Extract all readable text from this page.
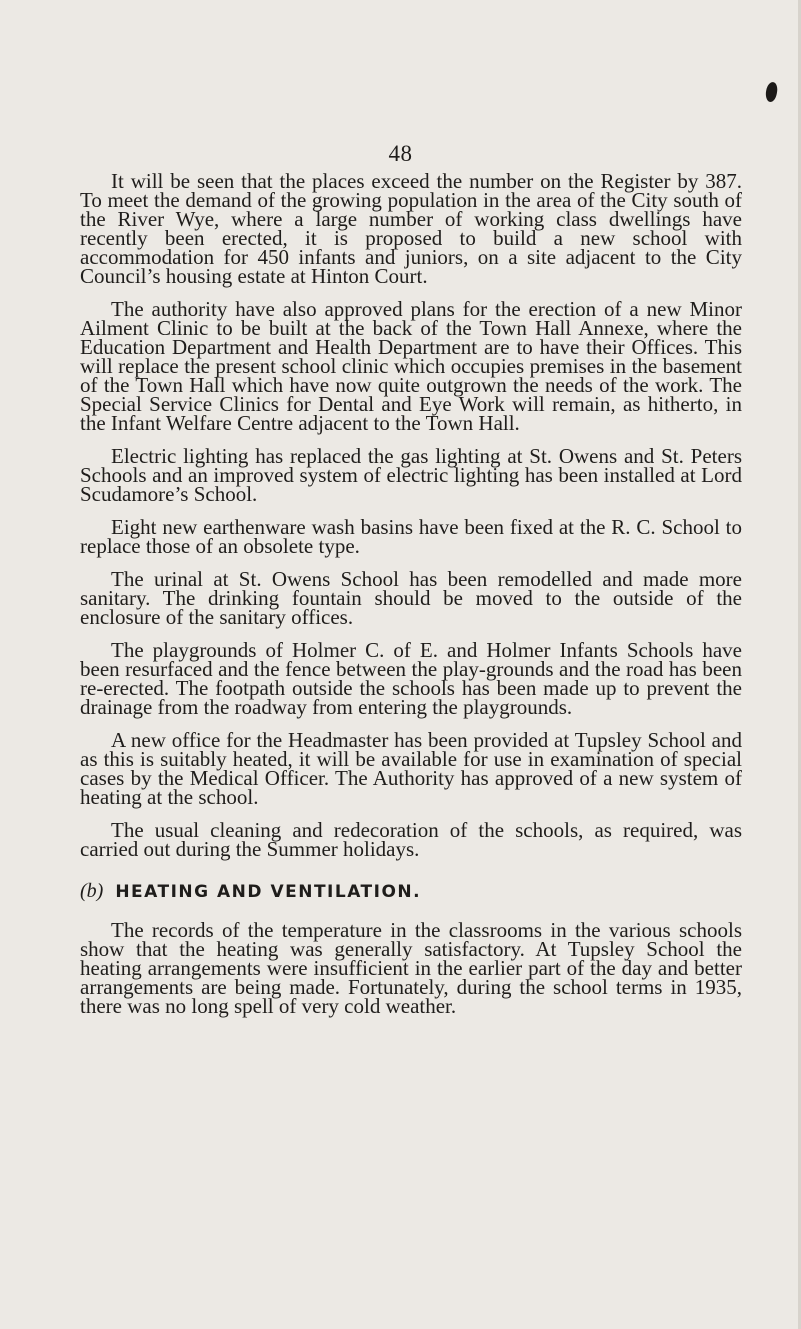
48

It will be seen that the places exceed the number on the Register by 387. To meet the demand of the growing population in the area of the City south of the River Wye, where a large number of working class dwellings have recently been erected, it is proposed to build a new school with accommodation for 450 infants and juniors, on a site adjacent to the City Council’s housing estate at Hinton Court.

The authority have also approved plans for the erection of a new Minor Ailment Clinic to be built at the back of the Town Hall Annexe, where the Education Department and Health Department are to have their Offices. This will replace the present school clinic which occupies premises in the basement of the Town Hall which have now quite outgrown the needs of the work. The Special Service Clinics for Dental and Eye Work will remain, as hitherto, in the Infant Welfare Centre adjacent to the Town Hall.

Electric lighting has replaced the gas lighting at St. Owens and St. Peters Schools and an improved system of electric lighting has been installed at Lord Scudamore’s School.

Eight new earthenware wash basins have been fixed at the R. C. School to replace those of an obsolete type.

The urinal at St. Owens School has been remodelled and made more sanitary. The drinking fountain should be moved to the outside of the enclosure of the sanitary offices.

The playgrounds of Holmer C. of E. and Holmer Infants Schools have been resurfaced and the fence between the play-grounds and the road has been re-erected. The footpath outside the schools has been made up to prevent the drainage from the roadway from entering the playgrounds.

A new office for the Headmaster has been provided at Tupsley School and as this is suitably heated, it will be available for use in examination of special cases by the Medical Officer. The Authority has approved of a new system of heating at the school.

The usual cleaning and redecoration of the schools, as required, was carried out during the Summer holidays.

(b) HEATING AND VENTILATION.

The records of the temperature in the classrooms in the various schools show that the heating was generally satisfactory. At Tupsley School the heating arrangements were insufficient in the earlier part of the day and better arrangements are being made. Fortunately, during the school terms in 1935, there was no long spell of very cold weather.
